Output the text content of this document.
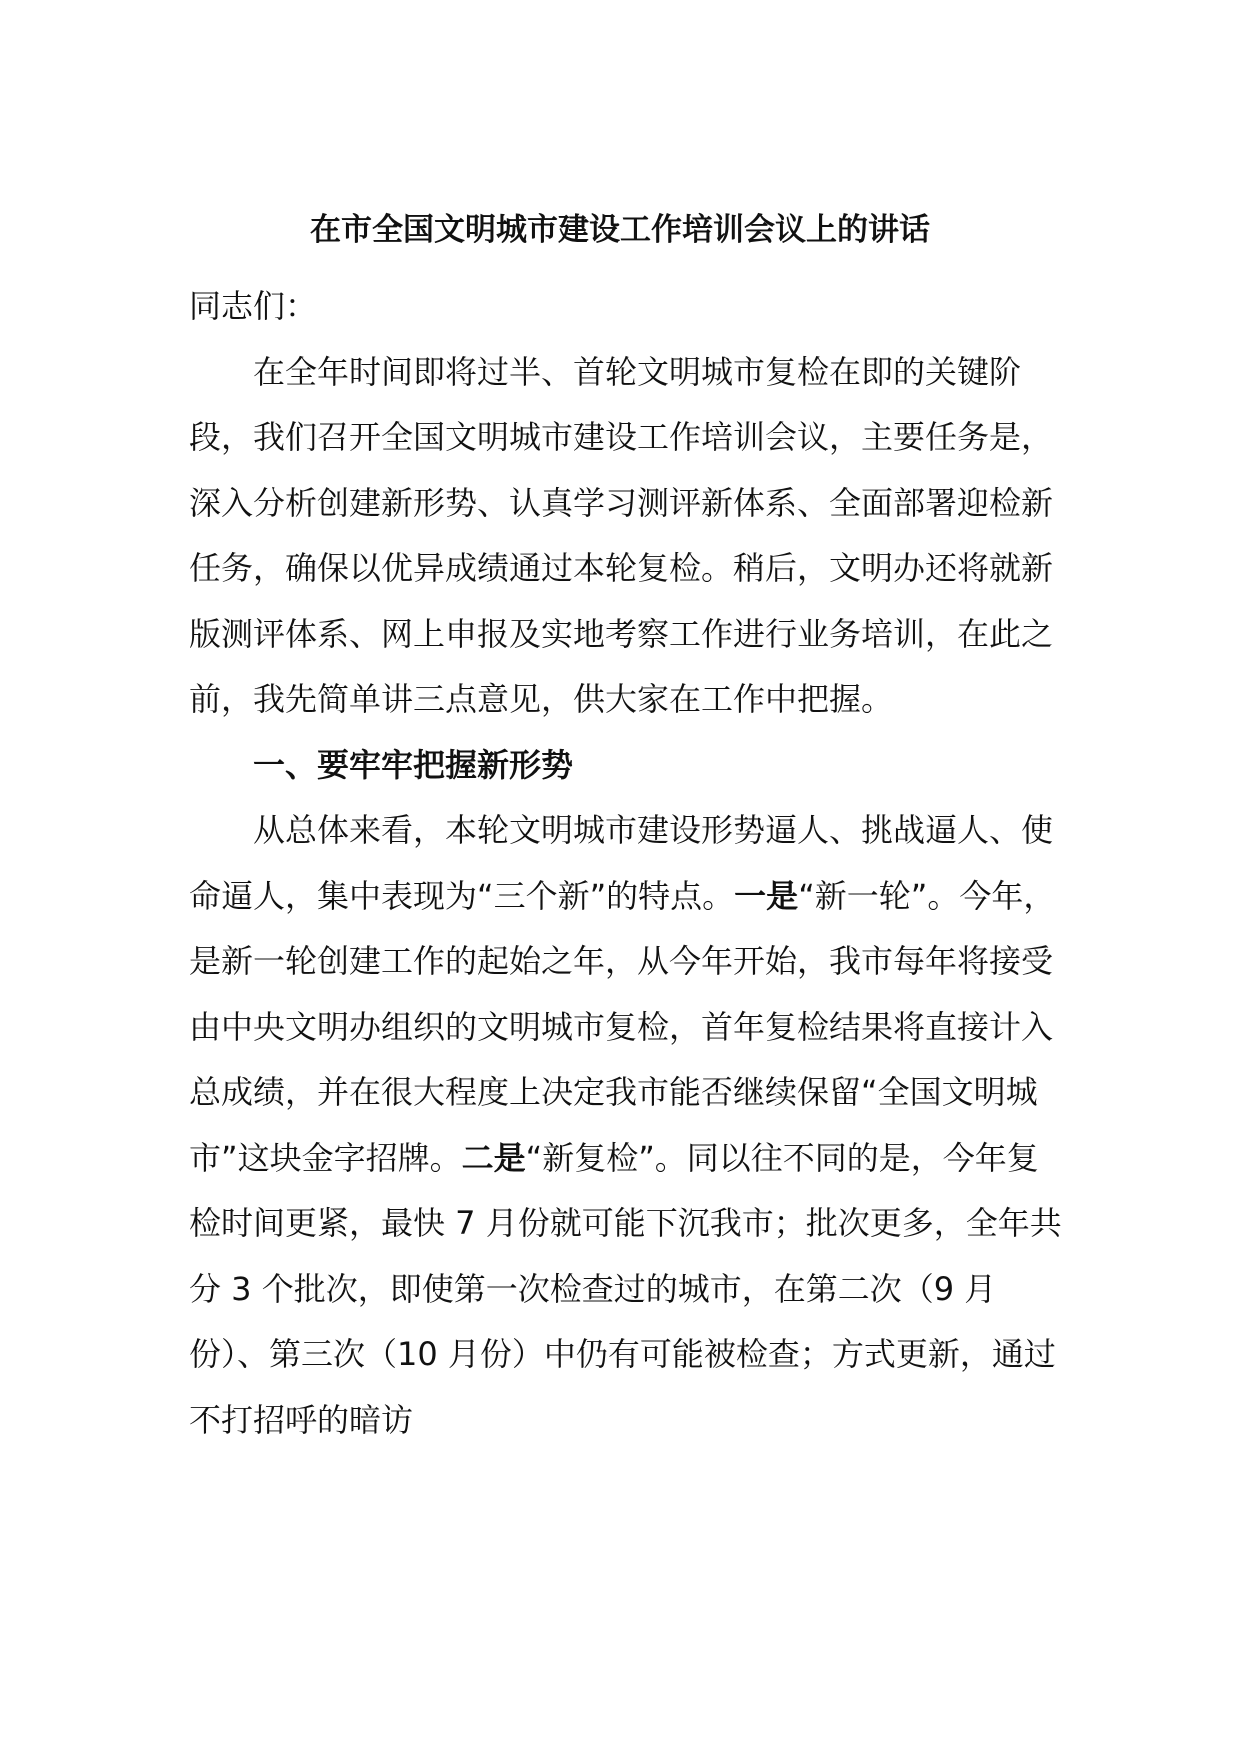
在市全国文明城市建设工作培训会议上的讲话

同志们：

在全年时间即将过半、首轮文明城市复检在即的关键阶段，我们召开全国文明城市建设工作培训会议，主要任务是，深入分析创建新形势、认真学习测评新体系、全面部署迎检新任务，确保以优异成绩通过本轮复检。稍后，文明办还将就新版测评体系、网上申报及实地考察工作进行业务培训，在此之前，我先简单讲三点意见，供大家在工作中把握。

一、要牢牢把握新形势

从总体来看，本轮文明城市建设形势逼人、挑战逼人、使命逼人，集中表现为“三个新”的特点。一是“新一轮”。今年，是新一轮创建工作的起始之年，从今年开始，我市每年将接受由中央文明办组织的文明城市复检，首年复检结果将直接计入总成绩，并在很大程度上决定我市能否继续保留“全国文明城市”这块金字招牌。二是“新复检”。同以往不同的是，今年复检时间更紧，最快 7 月份就可能下沉我市；批次更多，全年共分 3 个批次，即使第一次检查过的城市，在第二次（9 月份）、第三次（10 月份）中仍有可能被检查；方式更新，通过不打招呼的暗访
